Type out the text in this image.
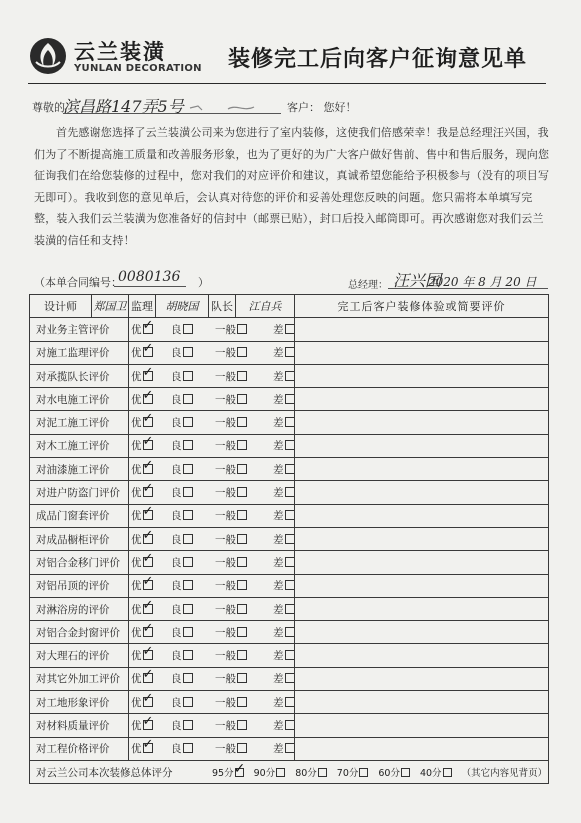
云兰装潢
YUNLAN DECORATION 装修完工后向客户征询意见单
尊敬的
滨昌路147弄5号	客户： 您好！
首先感谢您选择了云兰装潢公司来为您进行了室内装修，这使我们倍感荣幸！我是总经理汪兴国，我们为了不断提高施工质量和改善服务形象，也为了更好的为广大客户做好售前、售中和售后服务，现向您征询我们在给您装修的过程中，您对我们的对应评价和建议，真诚希望您能给予积极参与（没有的项目写无即可）。我收到您的意见单后，会认真对待您的评价和妥善处理您反映的问题。您只需将本单填写完整，装入我们云兰装潢为您准备好的信封中（邮票已贴），封口后投入邮筒即可。再次感谢您对我们云兰装潢的信任和支持！
（本单合同编号：	）
0080136
总经理： 汪兴国
2020 年 8 月 20 日
设计师	郑国卫	监理	胡晓国	队长	江自兵	完工后客户装修体验或简要评价
对业务主管评价		优 ✓ 良 一般 差	
对施工监理评价		优 ✓ 良 一般 差	
对承揽队长评价		优 ✓ 良 一般 差	
对水电施工评价		优 ✓ 良 一般 差	
对泥工施工评价		优 ✓ 良 一般 差	
对木工施工评价		优 ✓ 良 一般 差	
对油漆施工评价		优 ✓ 良 一般 差	
对进户防盗门评价		优 ✓ 良 一般 差	
成品门窗套评价		优 ✓ 良 一般 差	
对成品橱柜评价		优 ✓ 良 一般 差	
对铝合金移门评价		优 ✓ 良 一般 差	
对铝吊顶的评价		优 ✓ 良 一般 差	
对淋浴房的评价		优 ✓ 良 一般 差	
对铝合金封窗评价		优 ✓ 良 一般 差	
对大理石的评价		优 ✓ 良 一般 差	
对其它外加工评价		优 ✓ 良 一般 差	
对工地形象评价		优 ✓ 良 一般 差	
对材料质量评价		优 ✓ 良 一般 差	
对工程价格评价		优 ✓ 良 一般 差	
对云兰公司本次装修总体评分 95分 ✓ 90分 80分 70分 60分 40分 （其它内容见背页）
